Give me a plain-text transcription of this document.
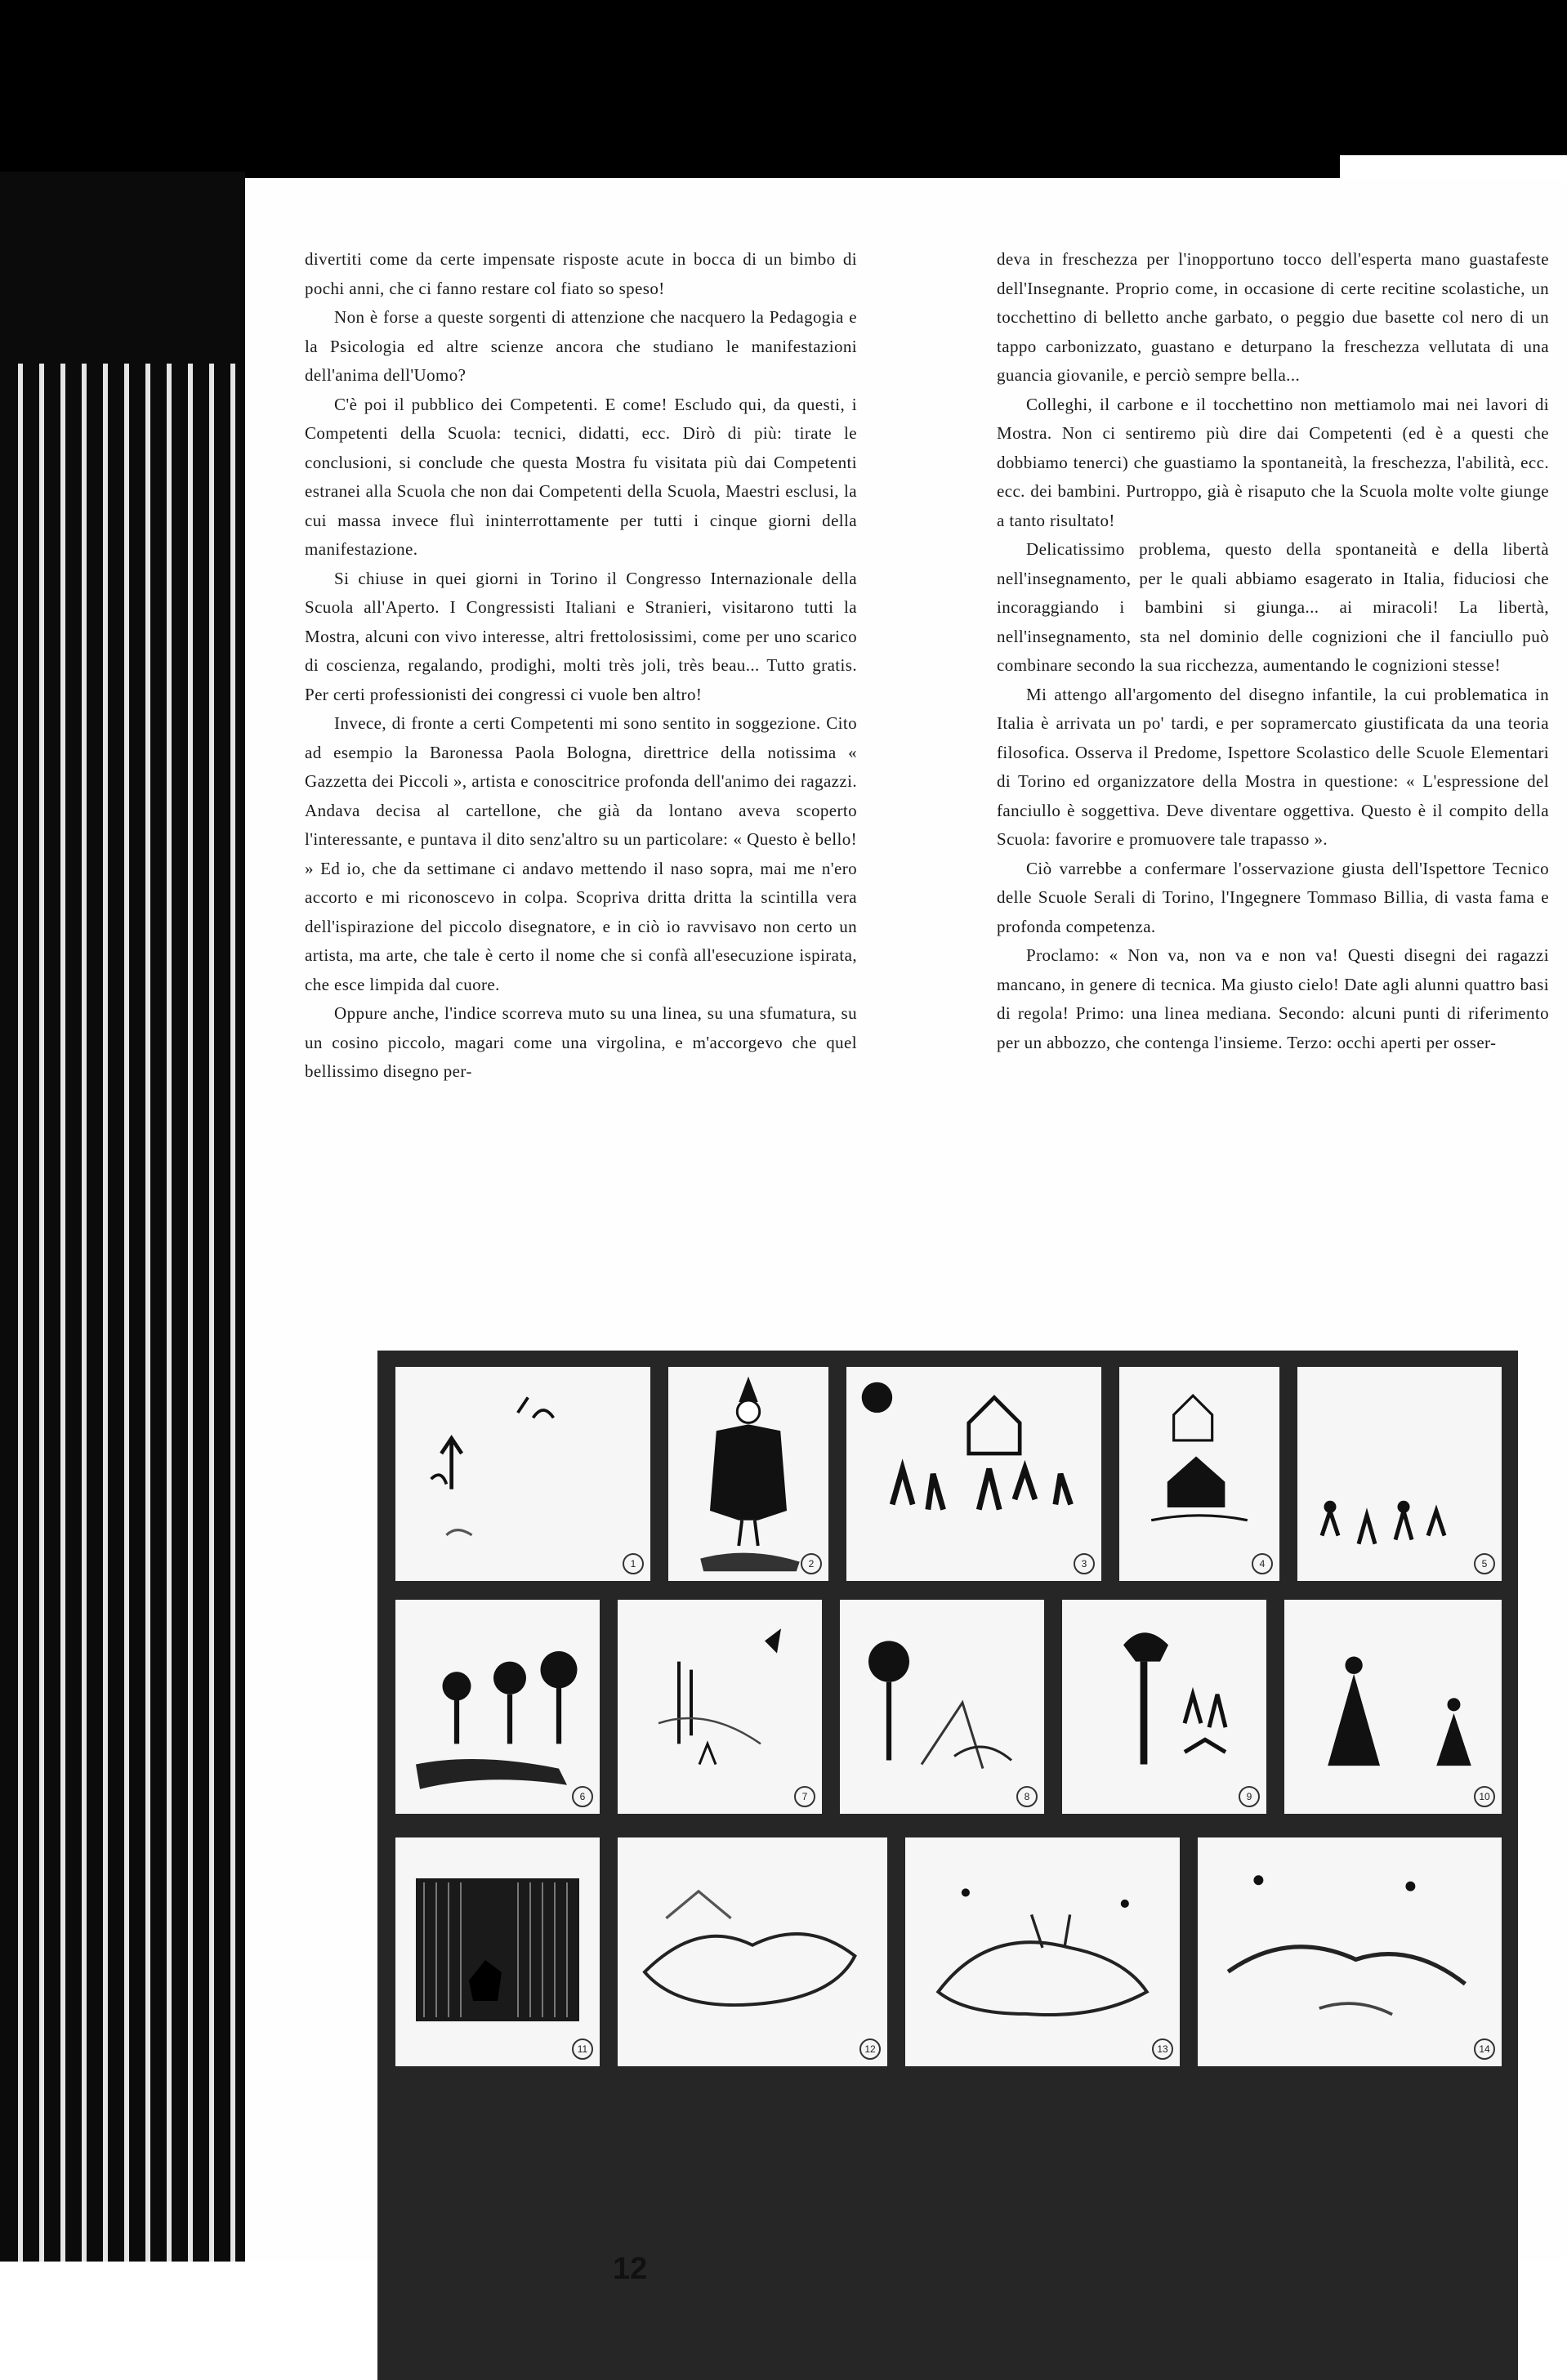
divertiti come da certe impensate risposte acute in bocca di un bimbo di pochi anni, che ci fanno restare col fiato so speso!

Non è forse a queste sorgenti di attenzione che nacquero la Pedagogia e la Psicologia ed altre scienze ancora che studiano le manifestazioni dell'anima dell'Uomo?

C'è poi il pubblico dei Competenti. E come! Escludo qui, da questi, i Competenti della Scuola: tecnici, didatti, ecc. Dirò di più: tirate le conclusioni, si conclude che questa Mostra fu visitata più dai Competenti estranei alla Scuola che non dai Competenti della Scuola, Maestri esclusi, la cui massa invece fluì ininterrottamente per tutti i cinque giorni della manifestazione.

Si chiuse in quei giorni in Torino il Congresso Internazionale della Scuola all'Aperto. I Congressisti Italiani e Stranieri, visitarono tutti la Mostra, alcuni con vivo interesse, altri frettolosissimi, come per uno scarico di coscienza, regalando, prodighi, molti très joli, très beau... Tutto gratis. Per certi professionisti dei congressi ci vuole ben altro!

Invece, di fronte a certi Competenti mi sono sentito in soggezione. Cito ad esempio la Baronessa Paola Bologna, direttrice della notissima « Gazzetta dei Piccoli », artista e conoscitrice profonda dell'animo dei ragazzi. Andava decisa al cartellone, che già da lontano aveva scoperto l'interessante, e puntava il dito senz'altro su un particolare: « Questo è bello! » Ed io, che da settimane ci andavo mettendo il naso sopra, mai me n'ero accorto e mi riconoscevo in colpa. Scopriva dritta dritta la scintilla vera dell'ispirazione del piccolo disegnatore, e in ciò io ravvisavo non certo un artista, ma arte, che tale è certo il nome che si confà all'esecuzione ispirata, che esce limpida dal cuore.

Oppure anche, l'indice scorreva muto su una linea, su una sfumatura, su un cosino piccolo, magari come una virgolina, e m'accorgevo che quel bellissimo disegno per-

deva in freschezza per l'inopportuno tocco dell'esperta mano guastafeste dell'Insegnante. Proprio come, in occasione di certe recitine scolastiche, un tocchettino di belletto anche garbato, o peggio due basette col nero di un tappo carbonizzato, guastano e deturpano la freschezza vellutata di una guancia giovanile, e perciò sempre bella...

Colleghi, il carbone e il tocchettino non mettiamolo mai nei lavori di Mostra. Non ci sentiremo più dire dai Competenti (ed è a questi che dobbiamo tenerci) che guastiamo la spontaneità, la freschezza, l'abilità, ecc. ecc. dei bambini. Purtroppo, già è risaputo che la Scuola molte volte giunge a tanto risultato!

Delicatissimo problema, questo della spontaneità e della libertà nell'insegnamento, per le quali abbiamo esagerato in Italia, fiduciosi che incoraggiando i bambini si giunga... ai miracoli! La libertà, nell'insegnamento, sta nel dominio delle cognizioni che il fanciullo può combinare secondo la sua ricchezza, aumentando le cognizioni stesse!

Mi attengo all'argomento del disegno infantile, la cui problematica in Italia è arrivata un po' tardi, e per sopramercato giustificata da una teoria filosofica. Osserva il Predome, Ispettore Scolastico delle Scuole Elementari di Torino ed organizzatore della Mostra in questione: « L'espressione del fanciullo è soggettiva. Deve diventare oggettiva. Questo è il compito della Scuola: favorire e promuovere tale trapasso ».

Ciò varrebbe a confermare l'osservazione giusta dell'Ispettore Tecnico delle Scuole Serali di Torino, l'Ingegnere Tommaso Billia, di vasta fama e profonda competenza.

Proclamo: « Non va, non va e non va! Questi disegni dei ragazzi mancano, in genere di tecnica. Ma giusto cielo! Date agli alunni quattro basi di regola! Primo: una linea mediana. Secondo: alcuni punti di riferimento per un abbozzo, che contenga l'insieme. Terzo: occhi aperti per osser-

1	2	3	4	5
6	7	8	9	10
11	12	13	14
12
